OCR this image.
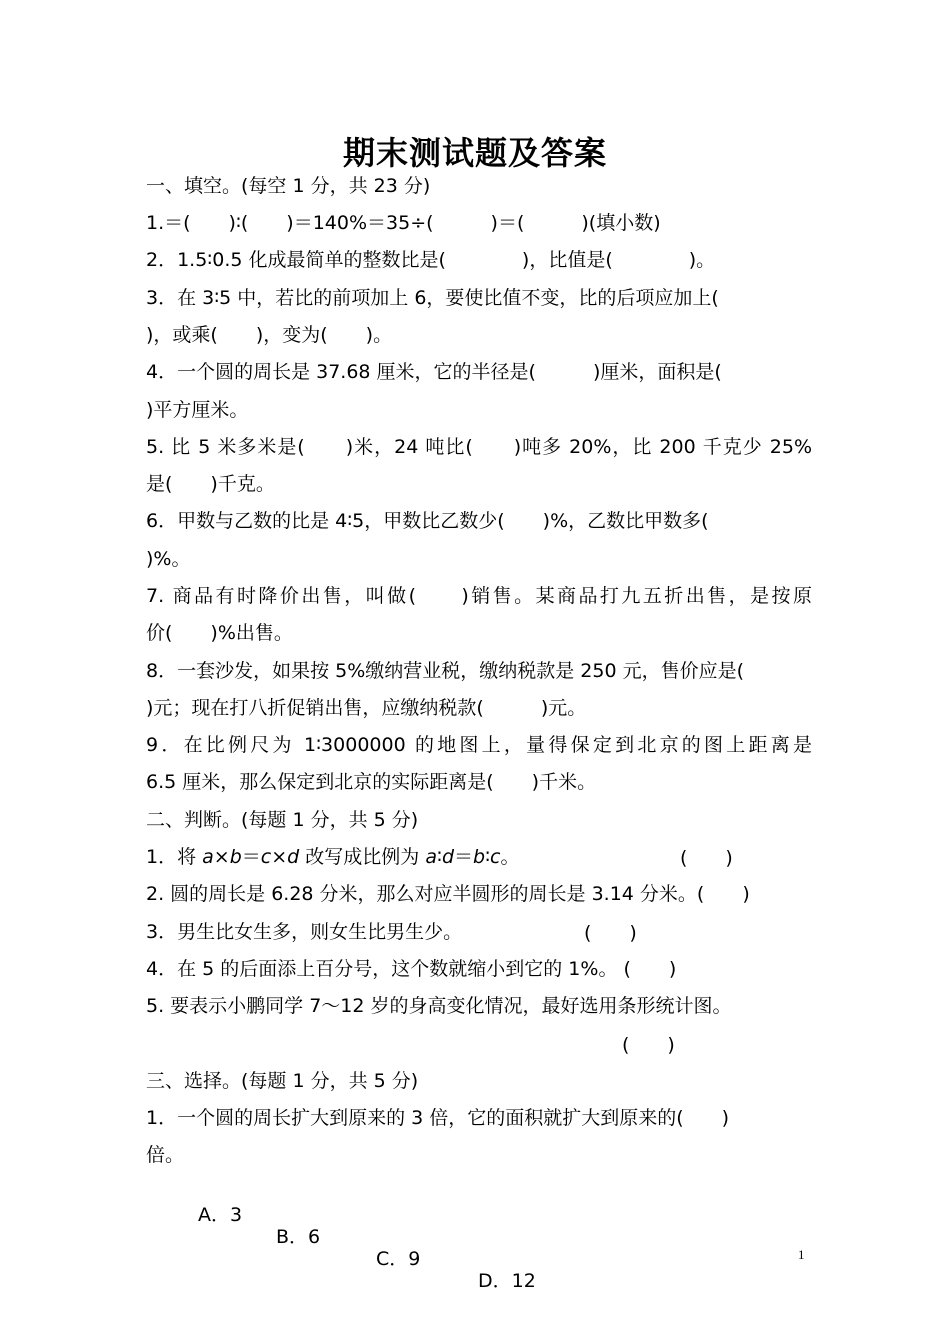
期末测试题及答案
一、填空。(每空 1 分，共 23 分)
1.＝(　　)∶(　　)＝140%＝35÷(　　　)＝(　　　)(填小数)
2．1.5∶0.5 化成最简单的整数比是(　　　　)，比值是(　　　　)。
3．在 3∶5 中，若比的前项加上 6，要使比值不变，比的后项应加上(
)，或乘(　　)，变为(　　)。
4．一个圆的周长是 37.68 厘米，它的半径是(　　　)厘米，面积是(
)平方厘米。
5. 比 5 米多米是(　　)米，24 吨比(　　)吨多 20%，比 200 千克少 25%
是(　　)千克。
6．甲数与乙数的比是 4∶5，甲数比乙数少(　　)%，乙数比甲数多(
)%。
7. 商品有时降价出售，叫做(　　)销售。某商品打九五折出售，是按原
价(　　)%出售。
8．一套沙发，如果按 5%缴纳营业税，缴纳税款是 250 元，售价应是(
)元；现在打八折促销出售，应缴纳税款(　　　)元。
9．在比例尺为 1∶3000000 的地图上，量得保定到北京的图上距离是
6.5 厘米，那么保定到北京的实际距离是(　　)千米。
二、判断。(每题 1 分，共 5 分)
1．将 a×b＝c×d 改写成比例为 a∶d＝b∶c。	(　　)
2. 圆的周长是 6.28 分米，那么对应半圆形的周长是 3.14 分米。(　　)
3．男生比女生多，则女生比男生少。	(　　)
4．在 5 的后面添上百分号，这个数就缩小到它的 1%。 (　　)
5. 要表示小鹏同学 7～12 岁的身高变化情况，最好选用条形统计图。
(　　)
三、选择。(每题 1 分，共 5 分)
1．一个圆的周长扩大到原来的 3 倍，它的面积就扩大到原来的(　　)
倍。

A．3

B．6

C．9

D．12

1
